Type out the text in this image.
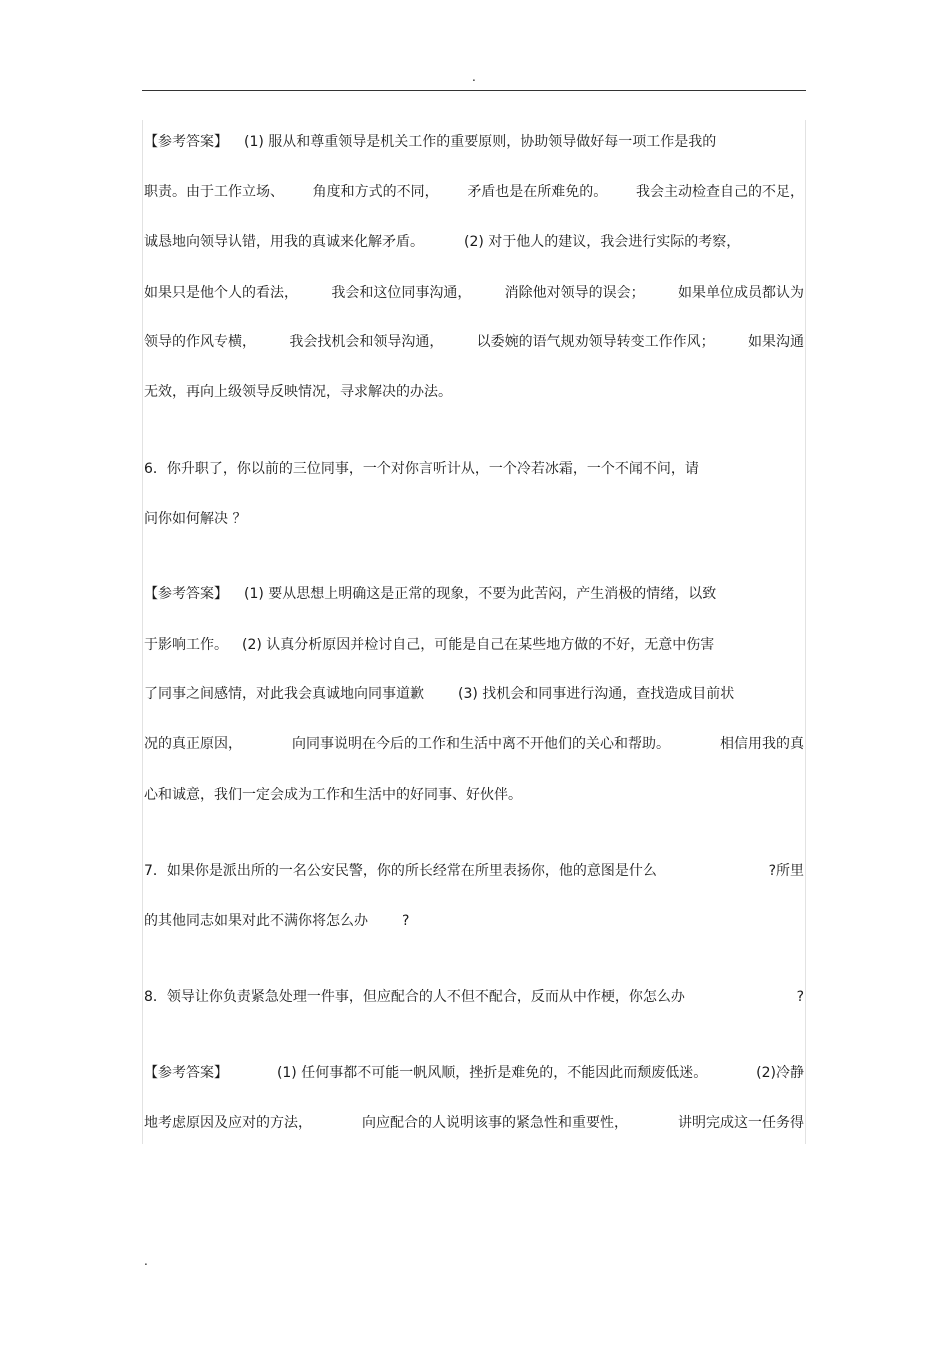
.
【参考答案】 (1) 服从和尊重领导是机关工作的重要原则，协助领导做好每一项工作是我的
职责。由于工作立场、 角度和方式的不同， 矛盾也是在所难免的。 我会主动检查自己的不足，
诚恳地向领导认错，用我的真诚来化解矛盾。	(2) 对于他人的建议，我会进行实际的考察，
如果只是他个人的看法， 我会和这位同事沟通， 消除他对领导的误会； 如果单位成员都认为
领导的作风专横， 我会找机会和领导沟通， 以委婉的语气规劝领导转变工作作风； 如果沟通
无效，再向上级领导反映情况，寻求解决的办法。
6．你升职了，你以前的三位同事，一个对你言听计从，一个冷若冰霜，一个不闻不问，请
问你如何解决 ？
【参考答案】 (1) 要从思想上明确这是正常的现象，不要为此苦闷，产生消极的情绪，以致
于影响工作。 (2) 认真分析原因并检讨自己，可能是自己在某些地方做的不好，无意中伤害
了同事之间感情，对此我会真诚地向同事道歉 (3) 找机会和同事进行沟通，查找造成目前状
况的真正原因，	向同事说明在今后的工作和生活中离不开他们的关心和帮助。	相信用我的真
心和诚意，我们一定会成为工作和生活中的好同事、好伙伴。
7．如果你是派出所的一名公安民警，你的所长经常在所里表扬你，他的意图是什么	?所里
的其他同志如果对此不满你将怎么办 ?
8．领导让你负责紧急处理一件事，但应配合的人不但不配合，反而从中作梗，你怎么办	?
【参考答案】	(1) 任何事都不可能一帆风顺，挫折是难免的，不能因此而颓废低迷。	(2)冷静
地考虑原因及应对的方法，	向应配合的人说明该事的紧急性和重要性，	讲明完成这一任务得
.
